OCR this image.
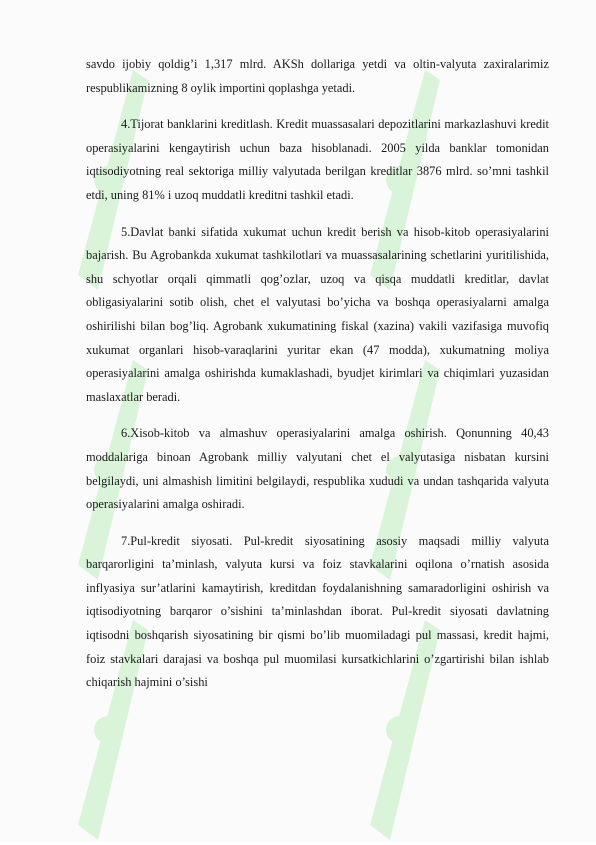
savdo ijobiy qoldig’i 1,317 mlrd. AKSh dollariga yetdi va oltin-valyuta zaxiralarimiz respublikamizning 8 oylik importini qoplashga yetadi.

4.Tijorat banklarini kreditlash. Kredit muassasalari depozitlarini markazlashuvi kredit operasiyalarini kengaytirish uchun baza hisoblanadi. 2005 yilda banklar tomonidan iqtisodiyotning real sektoriga milliy valyutada berilgan kreditlar 3876 mlrd. so’mni tashkil etdi, uning 81% i uzoq muddatli kreditni tashkil etadi.

5.Davlat banki sifatida xukumat uchun kredit berish va hisob-kitob operasiyalarini bajarish. Bu Agrobankda xukumat tashkilotlari va muassasalarining schetlarini yuritilishida, shu schyotlar orqali qimmatli qog’ozlar, uzoq va qisqa muddatli kreditlar, davlat obligasiyalarini sotib olish, chet el valyutasi bo’yicha va boshqa operasiyalarni amalga oshirilishi bilan bog’liq. Agrobank xukumatining fiskal (xazina) vakili vazifasiga muvofiq xukumat organlari hisob-varaqlarini yuritar ekan (47 modda), xukumatning moliya operasiyalarini amalga oshirishda kumaklashadi, byudjet kirimlari va chiqimlari yuzasidan maslaxatlar beradi.

6.Xisob-kitob va almashuv operasiyalarini amalga oshirish. Qonunning 40,43 moddalariga binoan Agrobank milliy valyutani chet el valyutasiga nisbatan kursini belgilaydi, uni almashish limitini belgilaydi, respublika xududi va undan tashqarida valyuta operasiyalarini amalga oshiradi.

7.Pul-kredit siyosati. Pul-kredit siyosatining asosiy maqsadi milliy valyuta barqarorligini ta’minlash, valyuta kursi va foiz stavkalarini oqilona o’rnatish asosida inflyasiya sur’atlarini kamaytirish, kreditdan foydalanishning samaradorligini oshirish va iqtisodiyotning barqaror o’sishini ta’minlashdan iborat. Pul-kredit siyosati davlatning iqtisodni boshqarish siyosatining bir qismi bo’lib muomiladagi pul massasi, kredit hajmi, foiz stavkalari darajasi va boshqa pul muomilasi kursatkichlarini o’zgartirishi bilan ishlab chiqarish hajmini o’sishi
